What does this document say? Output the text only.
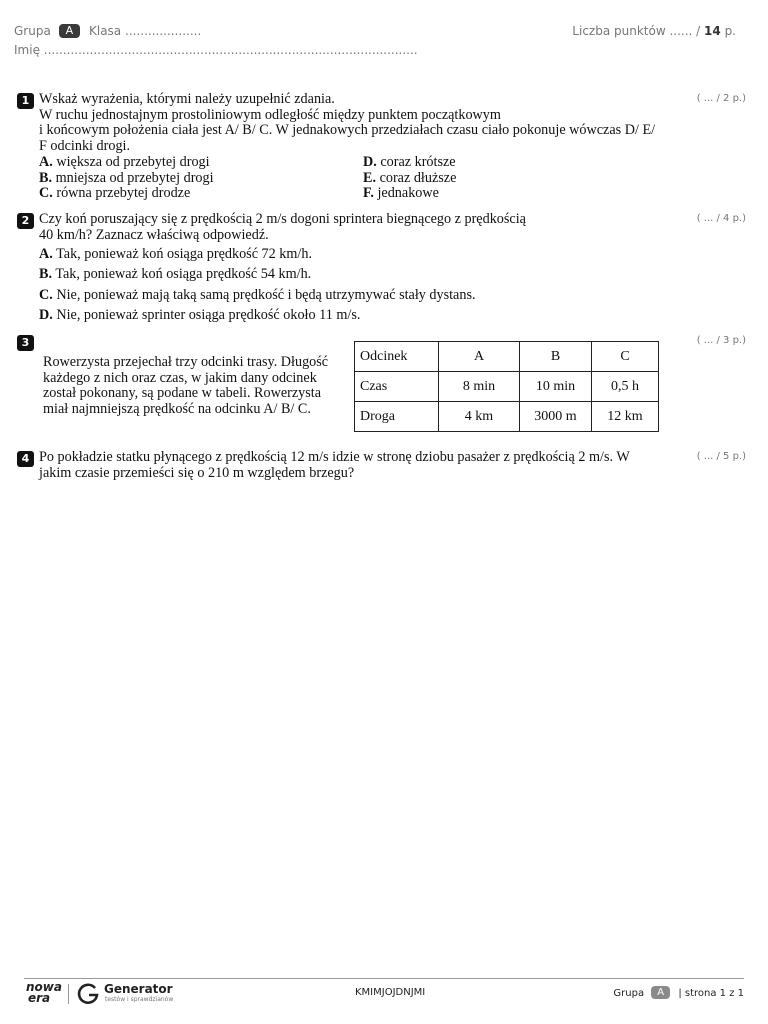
Grupa A Klasa ....................
Imię ..................................................................................................
Liczba punktów ...... / 14 p.
1	( ... / 2 p.)
Wskaż wyrażenia, którymi należy uzupełnić zdania.
W ruchu jednostajnym prostoliniowym odległość między punktem początkowym
i końcowym położenia ciała jest A/ B/ C. W jednakowych przedziałach czasu ciało pokonuje wówczas D/ E/
F odcinki drogi.
A. większa od przebytej drogi
B. mniejsza od przebytej drogi
C. równa przebytej drodze
D. coraz krótsze
E. coraz dłuższe
F. jednakowe
2	( ... / 4 p.)
Czy koń poruszający się z prędkością 2 m/s dogoni sprintera biegnącego z prędkością
40 km/h? Zaznacz właściwą odpowiedź.
A. Tak, ponieważ koń osiąga prędkość 72 km/h.
B. Tak, ponieważ koń osiąga prędkość 54 km/h.
C. Nie, ponieważ mają taką samą prędkość i będą utrzymywać stały dystans.
D. Nie, ponieważ sprinter osiąga prędkość około 11 m/s.
3	( ... / 3 p.)
Rowerzysta przejechał trzy odcinki trasy. Długość
każdego z nich oraz czas, w jakim dany odcinek
został pokonany, są podane w tabeli. Rowerzysta
miał najmniejszą prędkość na odcinku A/ B/ C.
Odcinek	A	B	C
Czas	8 min	10 min	0,5 h
Droga	4 km	3000 m	12 km
4	( ... / 5 p.)
Po pokładzie statku płynącego z prędkością 12 m/s idzie w stronę dziobu pasażer z prędkością 2 m/s. W
jakim czasie przemieści się o 210 m względem brzegu?
nowa
era
Generator
testów i sprawdzianów
KMIMJOJDNJMI	Grupa A | strona 1 z 1
